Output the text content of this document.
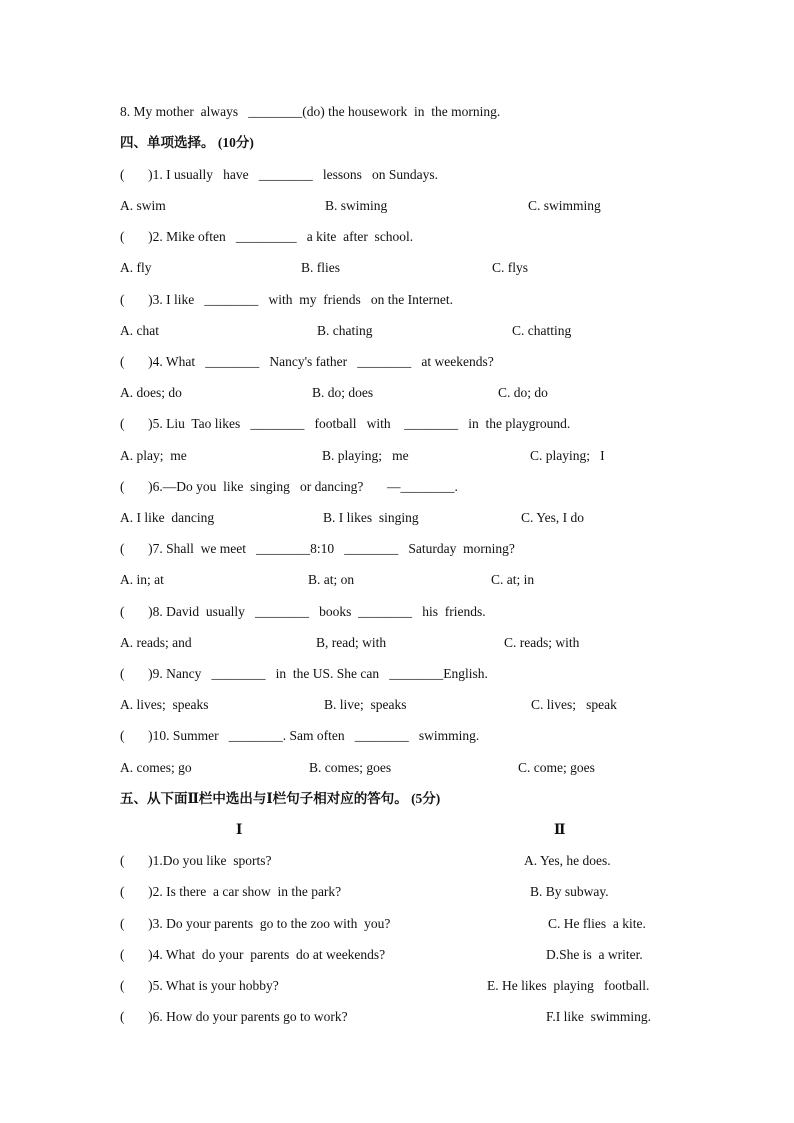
8. My mother  always   ________(do) the housework  in  the morning.
四、单项选择。 (10分)
(       )1. I usually   have   ________   lessons   on Sundays.
A. swim	B. swiming	C. swimming
(       )2. Mike often   _________   a kite  after  school.
A. fly	B. flies	C. flys
(       )3. I like   ________   with  my  friends   on the Internet.
A. chat	B. chating	C. chatting
(       )4. What   ________   Nancy's father   ________   at weekends?
A. does; do	B. do; does	C. do; do
(       )5. Liu  Tao likes   ________   football   with    ________   in  the playground.
A. play;  me	B. playing;   me	C. playing;   I
(       )6.—Do you  like  singing   or dancing?       —________.
A. I like  dancing	B. I likes  singing	C. Yes, I do
(       )7. Shall  we meet   ________8:10   ________   Saturday  morning?
A. in; at	B. at; on	C. at; in
(       )8. David  usually   ________   books  ________   his  friends.
A. reads; and	B, read; with	C. reads; with
(       )9. Nancy   ________   in  the US. She can   ________English.
A. lives;  speaks	B. live;  speaks	C. lives;   speak
(       )10. Summer   ________. Sam often   ________   swimming.
A. comes; go	B. comes; goes	C. come; goes
五、从下面Ⅱ栏中选出与Ⅰ栏句子相对应的答句。 (5分)
Ⅰ	Ⅱ
(       )1.Do you like  sports?	A. Yes, he does.
(       )2. Is there  a car show  in the park?	B. By subway.
(       )3. Do your parents  go to the zoo with  you?	C. He flies  a kite.
(       )4. What  do your  parents  do at weekends?	D.She is  a writer.
(       )5. What is your hobby?	E. He likes  playing   football.
(       )6. How do your parents go to work?	F.I like  swimming.
